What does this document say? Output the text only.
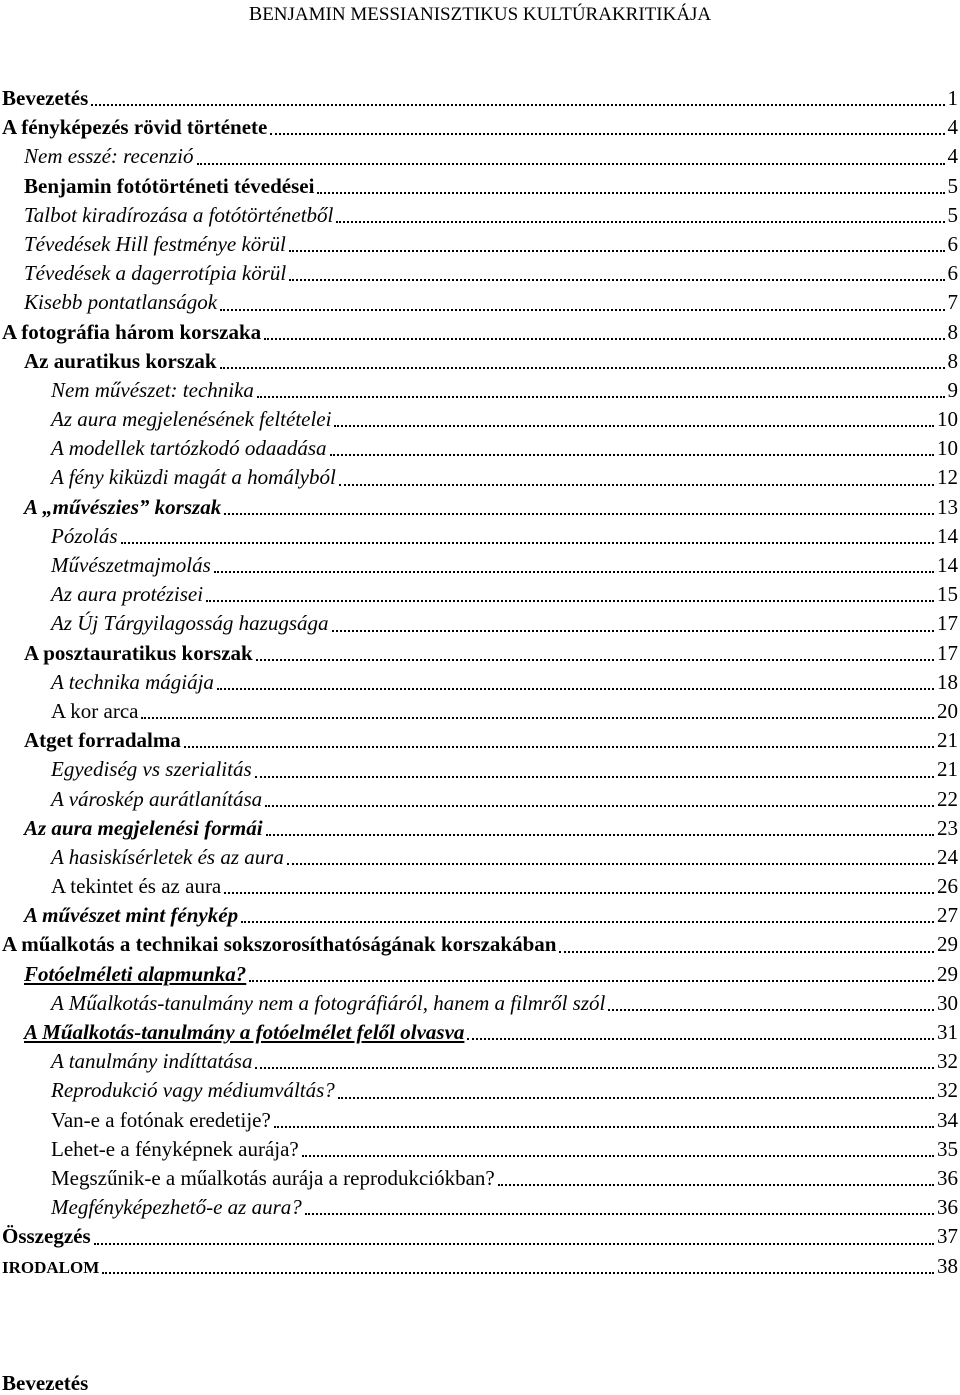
BENJAMIN MESSIANISZTIKUS KULTÚRAKRITIKÁJA
Bevezetés	1
A fényképezés rövid története	4
Nem esszé: recenzió	4
Benjamin fotótörténeti tévedései	5
Talbot kiradírozása a fotótörténetből	5
Tévedések Hill festménye körül	6
Tévedések a dagerrotípia körül	6
Kisebb pontatlanságok	7
A fotográfia három korszaka	8
Az auratikus korszak	8
Nem művészet: technika	9
Az aura megjelenésének feltételei	10
A modellek tartózkodó odaadása	10
A fény kiküzdi magát a homályból	12
A „művészies” korszak	13
Pózolás	14
Művészetmajmolás	14
Az aura protézisei	15
Az Új Tárgyilagosság hazugsága	17
A posztauratikus korszak	17
A technika mágiája	18
A kor arca	20
Atget forradalma	21
Egyediség vs szerialitás	21
A városkép aurátlanítása	22
Az aura megjelenési formái	23
A hasiskísérletek és az aura	24
A tekintet és az aura	26
A művészet mint fénykép	27
A műalkotás a technikai sokszorosíthatóságának korszakában	29
Fotóelméleti alapmunka?	29
A Műalkotás-tanulmány nem a fotográfiáról, hanem a filmről szól	30
A Műalkotás-tanulmány a fotóelmélet felől olvasva	31
A tanulmány indíttatása	32
Reprodukció vagy médiumváltás?	32
Van-e a fotónak eredetije?	34
Lehet-e a fényképnek aurája?	35
Megszűnik-e a műalkotás aurája a reprodukciókban?	36
Megfényképezhető-e az aura?	36
Összegzés	37
IRODALOM	38
Bevezetés
